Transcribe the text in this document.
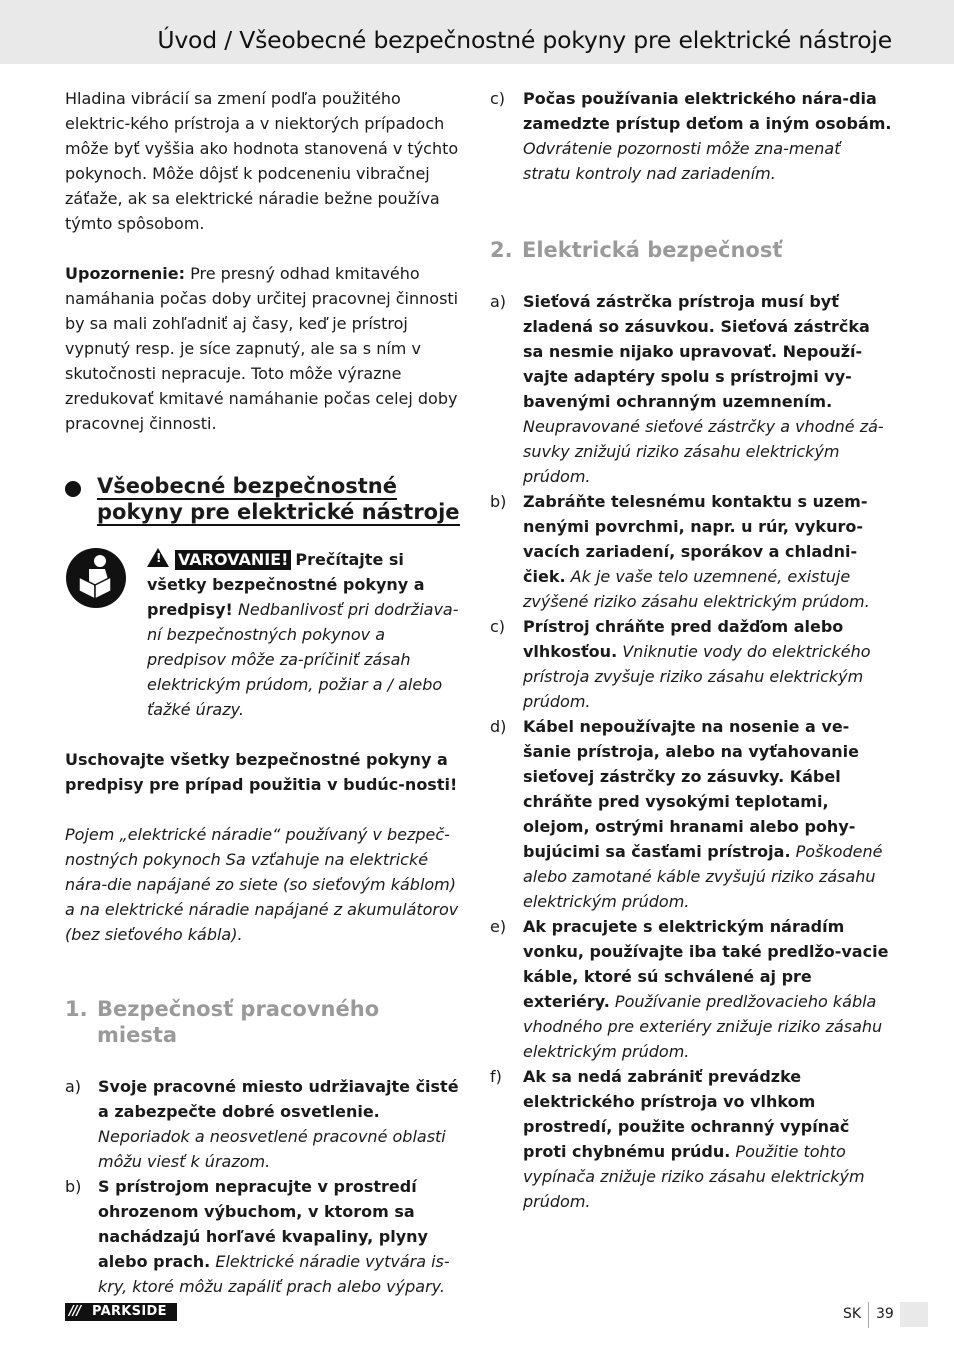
Úvod / Všeobecné bezpečnostné pokyny pre elektrické nástroje

Hladina vibrácií sa zmení podľa použitého elektric-kého prístroja a v niektorých prípadoch môže byť vyššia ako hodnota stanovená v týchto pokynoch. Môže dôjsť k podceneniu vibračnej záťaže, ak sa elektrické náradie bežne používa týmto spôsobom.

Upozornenie: Pre presný odhad kmitavého namáhania počas doby určitej pracovnej činnosti by sa mali zohľadniť aj časy, keď je prístroj vypnutý resp. je síce zapnutý, ale sa s ním v skutočnosti nepracuje. Toto môže výrazne zredukovať kmitavé namáhanie počas celej doby pracovnej činnosti.

Všeobecné bezpečnostné pokyny pre elektrické nástroje

! VAROVANIE! Prečítajte si všetky bezpečnostné pokyny a predpisy! Nedbanlivosť pri dodržiava-ní bezpečnostných pokynov a predpisov môže za-príčiniť zásah elektrickým prúdom, požiar a / alebo ťažké úrazy.

Uschovajte všetky bezpečnostné pokyny a predpisy pre prípad použitia v budúc-nosti!

Pojem „elektrické náradie“ používaný v bezpeč-nostných pokynoch Sa vzťahuje na elektrické nára-die napájané zo siete (so sieťovým káblom) a na elektrické náradie napájané z akumulátorov (bez sieťového kábla).

1. Bezpečnosť pracovného miesta
a) Svoje pracovné miesto udržiavajte čisté a zabezpečte dobré osvetlenie. Neporiadok a neosvetlené pracovné oblasti môžu viesť k úrazom.
b) S prístrojom nepracujte v prostredí ohrozenom výbuchom, v ktorom sa nachádzajú horľavé kvapaliny, plyny alebo prach. Elektrické náradie vytvára is-kry, ktoré môžu zapáliť prach alebo výpary.
c) Počas používania elektrického nára-dia zamedzte prístup deťom a iným osobám. Odvrátenie pozornosti môže zna-menať stratu kontroly nad zariadením.
2. Elektrická bezpečnosť
a) Sieťová zástrčka prístroja musí byť zladená so zásuvkou. Sieťová zástrčka sa nesmie nijako upravovať. Nepouží-vajte adaptéry spolu s prístrojmi vy-bavenými ochranným uzemnením. Neupravované sieťové zástrčky a vhodné zá-suvky znižujú riziko zásahu elektrickým prúdom.
b) Zabráňte telesnému kontaktu s uzem-nenými povrchmi, napr. u rúr, vykuro-vacích zariadení, sporákov a chladni-čiek. Ak je vaše telo uzemnené, existuje zvýšené riziko zásahu elektrickým prúdom.
c) Prístroj chráňte pred dažďom alebo vlhkosťou. Vniknutie vody do elektrického prístroja zvyšuje riziko zásahu elektrickým prúdom.
d) Kábel nepoužívajte na nosenie a ve-šanie prístroja, alebo na vyťahovanie sieťovej zástrčky zo zásuvky. Kábel chráňte pred vysokými teplotami, olejom, ostrými hranami alebo pohy-bujúcimi sa časťami prístroja. Poškodené alebo zamotané káble zvyšujú riziko zásahu elektrickým prúdom.
e) Ak pracujete s elektrickým náradím vonku, používajte iba také predlžo-vacie káble, ktoré sú schválené aj pre exteriéry. Používanie predlžovacieho kábla vhodného pre exteriéry znižuje riziko zásahu elektrickým prúdom.
f) Ak sa nedá zabrániť prevádzke elektrického prístroja vo vlhkom prostredí, použite ochranný vypínač proti chybnému prúdu. Použitie tohto vypínača znižuje riziko zásahu elektrickým prúdom.
/// PARKSIDE	SK 39
